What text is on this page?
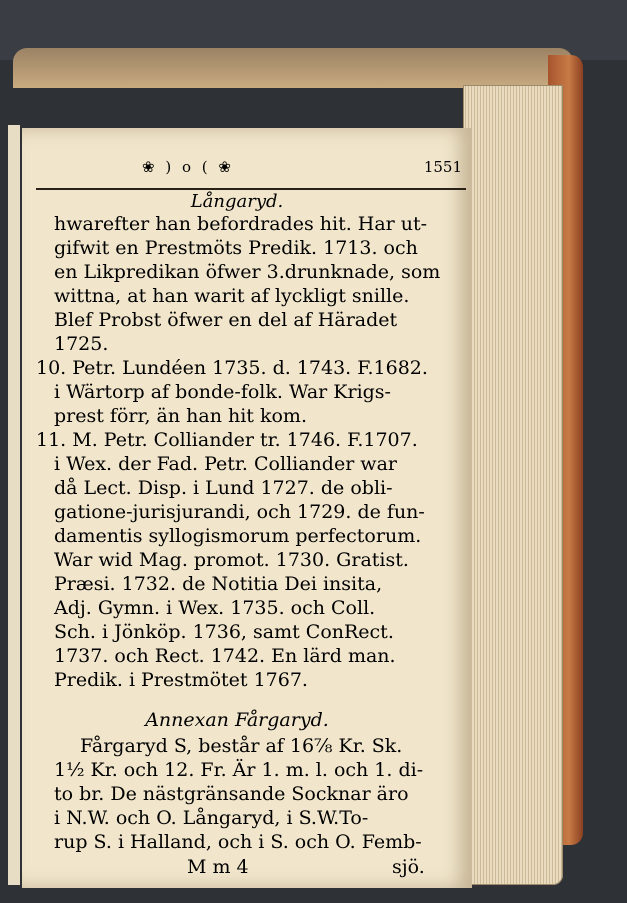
❀ ) o ( ❀	1551
Långaryd.
hwarefter han befordrades hit. Har ut-
gifwit en Prestmöts Predik. 1713. och
en Likpredikan öfwer 3.drunknade, som
wittna, at han warit af lyckligt snille.
Blef Probst öfwer en del af Häradet
1725.
10. Petr. Lundéen 1735. d. 1743. F.1682.
i Wärtorp af bonde-folk. War Krigs-
prest förr, än han hit kom.
11. M. Petr. Colliander tr. 1746. F.1707.
i Wex. der Fad. Petr. Colliander war
då Lect. Disp. i Lund 1727. de obli-
gatione-jurisjurandi, och 1729. de fun-
damentis syllogismorum perfectorum.
War wid Mag. promot. 1730. Gratist.
Præsi. 1732. de Notitia Dei insita,
Adj. Gymn. i Wex. 1735. och Coll.
Sch. i Jönköp. 1736, samt ConRect.
1737. och Rect. 1742. En lärd man.
Predik. i Prestmötet 1767.
Annexan Fårgaryd.
Fårgaryd S, består af 16⅞ Kr. Sk.
1½ Kr. och 12. Fr. Är 1. m. l. och 1. di-
to br. De nästgränsande Socknar äro
i N.W. och O. Långaryd, i S.W.To-
rup S. i Halland, och i S. och O. Femb-
M m 4	sjö.
